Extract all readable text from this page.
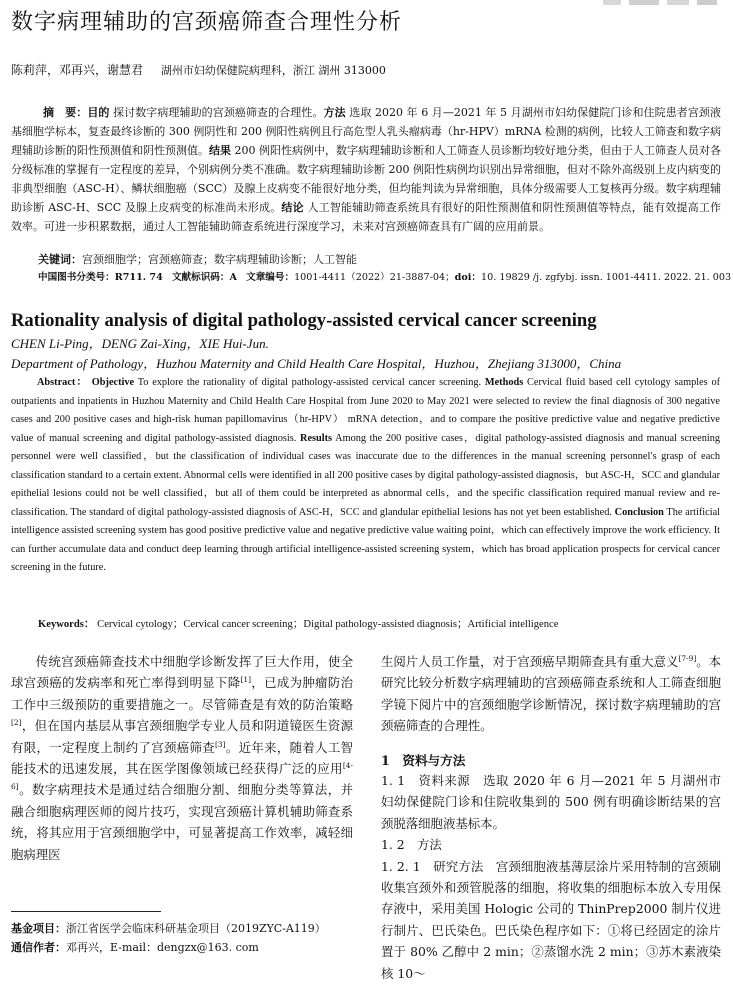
数字病理辅助的宫颈癌筛查合理性分析
陈莉萍，邓再兴，谢慧君 湖州市妇幼保健院病理科，浙江 湖州 313000
摘　要：目的 探讨数字病理辅助的宫颈癌筛查的合理性。方法 选取 2020 年 6 月—2021 年 5 月湖州市妇幼保健院门诊和住院患者宫颈液基细胞学标本，复查最终诊断的 300 例阴性和 200 例阳性病例且行高危型人乳头瘤病毒（hr-HPV）mRNA 检测的病例，比较人工筛查和数字病理辅助诊断的阳性预测值和阴性预测值。结果 200 例阳性病例中，数字病理辅助诊断和人工筛查人员诊断均较好地分类，但由于人工筛查人员对各分级标准的掌握有一定程度的差异，个别病例分类不准确。数字病理辅助诊断 200 例阳性病例均识别出异常细胞，但对不除外高级别上皮内病变的非典型细胞（ASC-H）、鳞状细胞癌（SCC）及腺上皮病变不能很好地分类，但均能判读为异常细胞，具体分级需要人工复核再分级。数字病理辅助诊断 ASC-H、SCC 及腺上皮病变的标准尚未形成。结论 人工智能辅助筛查系统具有很好的阳性预测值和阴性预测值等特点，能有效提高工作效率。可进一步积累数据，通过人工智能辅助筛查系统进行深度学习，未来对宫颈癌筛查具有广阔的应用前景。
关键词：宫颈细胞学；宫颈癌筛查；数字病理辅助诊断；人工智能
中国图书分类号：R711. 74 文献标识码：A 文章编号：1001-4411（2022）21-3887-04；doi：10. 19829 /j. zgfybj. issn. 1001-4411. 2022. 21. 003
Rationality analysis of digital pathology-assisted cervical cancer screening
CHEN Li-Ping，DENG Zai-Xing，XIE Hui-Jun.
Department of Pathology，Huzhou Maternity and Child Health Care Hospital，Huzhou，Zhejiang 313000，China
Abstract： Objective To explore the rationality of digital pathology-assisted cervical cancer screening. Methods Cervical fluid based cell cytology samples of outpatients and inpatients in Huzhou Maternity and Child Health Care Hospital from June 2020 to May 2021 were selected to review the final diagnosis of 300 negative cases and 200 positive cases and high-risk human papillomavirus（hr-HPV） mRNA detection，and to compare the positive predictive value and negative predictive value of manual screening and digital pathology-assisted diagnosis. Results Among the 200 positive cases，digital pathology-assisted diagnosis and manual screening personnel were well classified，but the classification of individual cases was inaccurate due to the differences in the manual screening personnel′s grasp of each classification standard to a certain extent. Abnormal cells were identified in all 200 positive cases by digital pathology-assisted diagnosis，but ASC-H，SCC and glandular epithelial lesions could not be well classified，but all of them could be interpreted as abnormal cells，and the specific classification required manual review and re-classification. The standard of digital pathology-assisted diagnosis of ASC-H，SCC and glandular epithelial lesions has not yet been established. Conclusion The artificial intelligence assisted screening system has good positive predictive value and negative predictive value waiting point，which can effectively improve the work efficiency. It can further accumulate data and conduct deep learning through artificial intelligence-assisted screening system，which has broad application prospects for cervical cancer screening in the future.
Keywords： Cervical cytology；Cervical cancer screening；Digital pathology-assisted diagnosis；Artificial intelligence
传统宫颈癌筛查技术中细胞学诊断发挥了巨大作用，使全球宫颈癌的发病率和死亡率得到明显下降[1]，已成为肿瘤防治工作中三级预防的重要措施之一。尽管筛查是有效的防治策略[2]，但在国内基层从事宫颈细胞学专业人员和阴道镜医生资源有限，一定程度上制约了宫颈癌筛查[3]。近年来，随着人工智能技术的迅速发展，其在医学图像领域已经获得广泛的应用[4-6]。数字病理技术是通过结合细胞分割、细胞分类等算法，并融合细胞病理医师的阅片技巧，实现宫颈癌计算机辅助筛查系统，将其应用于宫颈细胞学中，可显著提高工作效率，减轻细胞病理医

生阅片人员工作量，对于宫颈癌早期筛查具有重大意义[7-9]。本研究比较分析数字病理辅助的宫颈癌筛查系统和人工筛查细胞学镜下阅片中的宫颈细胞学诊断情况，探讨数字病理辅助的宫颈癌筛查的合理性。

1　资料与方法

1. 1　资料来源　 选取 2020 年 6 月—2021 年 5 月湖州市妇幼保健院门诊和住院收集到的 500 例有明确诊断结果的宫颈脱落细胞液基标本。

1. 2　方法

1. 2. 1　研究方法　 宫颈细胞液基薄层涂片采用特制的宫颈刷收集宫颈外和颈管脱落的细胞，将收集的细胞标本放入专用保存液中，采用美国 Hologic 公司的 ThinPrep2000 制片仪进行制片、巴氏染色。巴氏染色程序如下：①将已经固定的涂片置于 80% 乙醇中 2 min；②蒸馏水洗 2 min；③苏木素液染核 10～

基金项目：浙江省医学会临床科研基金项目（2019ZYC-A119）

通信作者：邓再兴，E-mail：dengzx@163. com
